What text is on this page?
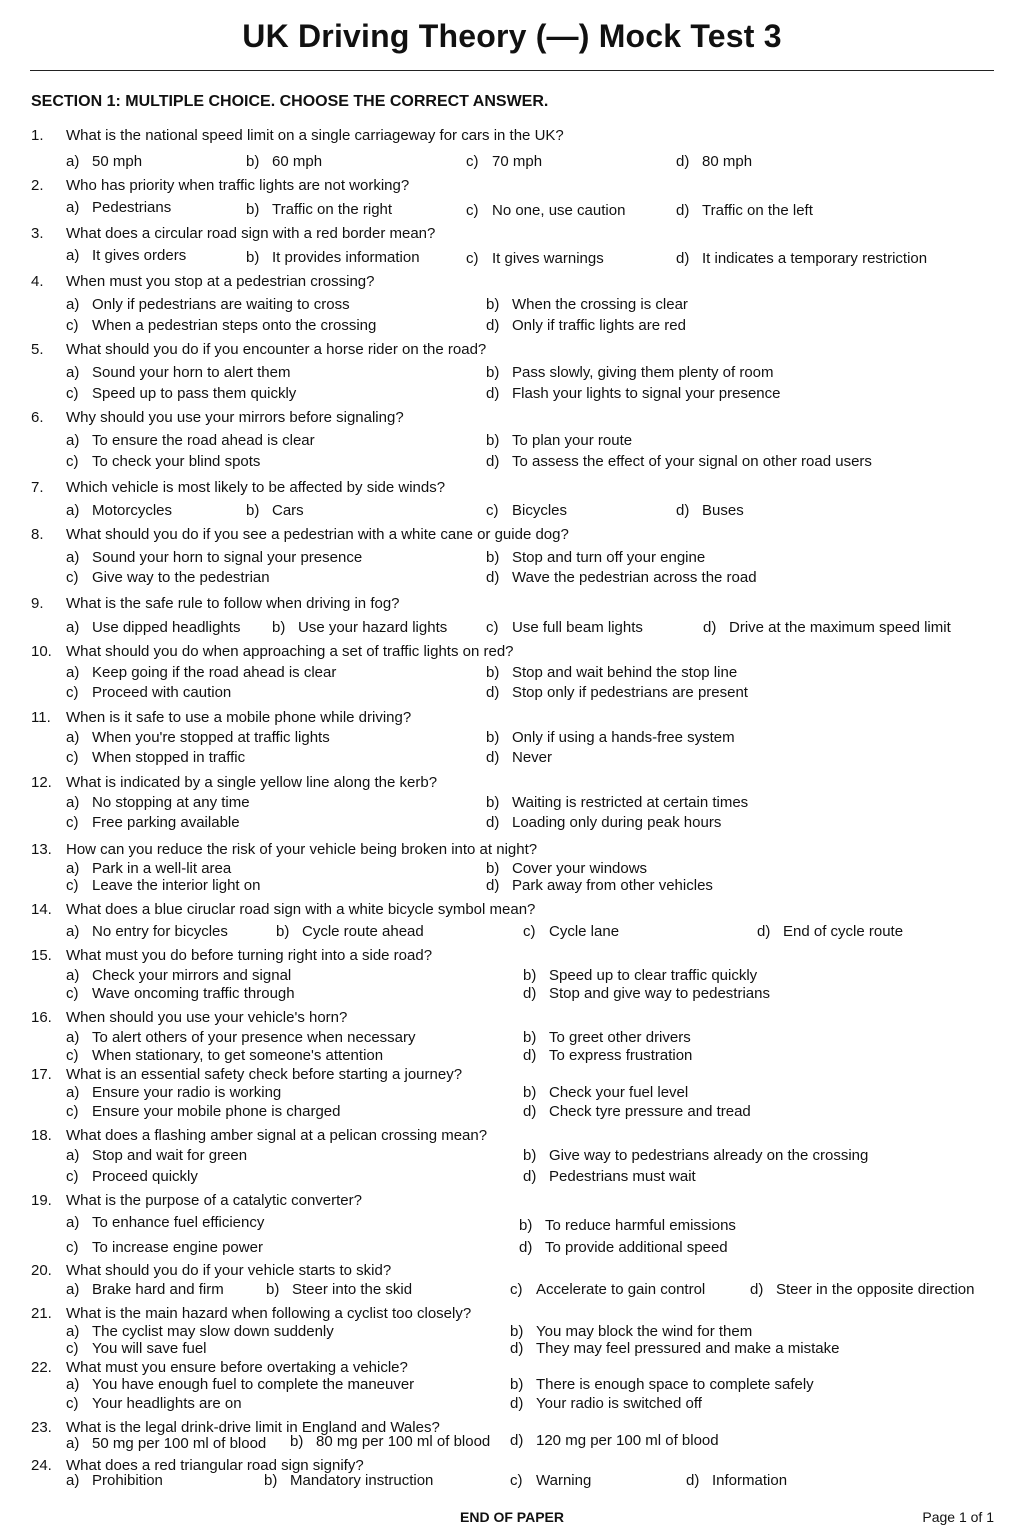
UK Driving Theory (—) Mock Test 3
SECTION 1: MULTIPLE CHOICE. CHOOSE THE CORRECT ANSWER.
1. What is the national speed limit on a single carriageway for cars in the UK?
a) 50 mph	b) 60 mph	c) 70 mph	d) 80 mph
2. Who has priority when traffic lights are not working?
a) Pedestrians	b) Traffic on the right	c) No one, use caution	d) Traffic on the left
3. What does a circular road sign with a red border mean?
a) It gives orders	b) It provides information	c) It gives warnings	d) It indicates a temporary restriction
4. When must you stop at a pedestrian crossing?
a) Only if pedestrians are waiting to cross	b) When the crossing is clear
c) When a pedestrian steps onto the crossing	d) Only if traffic lights are red
5. What should you do if you encounter a horse rider on the road?
a) Sound your horn to alert them	b) Pass slowly, giving them plenty of room
c) Speed up to pass them quickly	d) Flash your lights to signal your presence
6. Why should you use your mirrors before signaling?
a) To ensure the road ahead is clear	b) To plan your route
c) To check your blind spots	d) To assess the effect of your signal on other road users
7. Which vehicle is most likely to be affected by side winds?
a) Motorcycles	b) Cars	c) Bicycles	d) Buses
8. What should you do if you see a pedestrian with a white cane or guide dog?
a) Sound your horn to signal your presence	b) Stop and turn off your engine
c) Give way to the pedestrian	d) Wave the pedestrian across the road
9. What is the safe rule to follow when driving in fog?
a) Use dipped headlights b) Use your hazard lights	c) Use full beam lights	d) Drive at the maximum speed limit
10. What should you do when approaching a set of traffic lights on red?
a) Keep going if the road ahead is clear	b) Stop and wait behind the stop line
c) Proceed with caution	d) Stop only if pedestrians are present
11. When is it safe to use a mobile phone while driving?
a) When you're stopped at traffic lights	b) Only if using a hands-free system
c) When stopped in traffic	d) Never
12. What is indicated by a single yellow line along the kerb?
a) No stopping at any time	b) Waiting is restricted at certain times
c) Free parking available	d) Loading only during peak hours
13. How can you reduce the risk of your vehicle being broken into at night?
a) Park in a well-lit area	b) Cover your windows
c) Leave the interior light on	d) Park away from other vehicles
14. What does a blue ciruclar road sign with a white bicycle symbol mean?
a) No entry for bicycles	b) Cycle route ahead	c) Cycle lane	d) End of cycle route
15. What must you do before turning right into a side road?
a) Check your mirrors and signal	b) Speed up to clear traffic quickly
c) Wave oncoming traffic through	d) Stop and give way to pedestrians
16. When should you use your vehicle's horn?
a) To alert others of your presence when necessary	b) To greet other drivers
c) When stationary, to get someone's attention	d) To express frustration
17. What is an essential safety check before starting a journey?
a) Ensure your radio is working	b) Check your fuel level
c) Ensure your mobile phone is charged	d) Check tyre pressure and tread
18. What does a flashing amber signal at a pelican crossing mean?
a) Stop and wait for green	b) Give way to pedestrians already on the crossing
c) Proceed quickly	d) Pedestrians must wait
19. What is the purpose of a catalytic converter?
a) To enhance fuel efficiency	b) To reduce harmful emissions
c) To increase engine power	d) To provide additional speed
20. What should you do if your vehicle starts to skid?
a) Brake hard and firm	b) Steer into the skid	c) Accelerate to gain control	d) Steer in the opposite direction
21. What is the main hazard when following a cyclist too closely?
a) The cyclist may slow down suddenly	b) You may block the wind for them
c) You will save fuel	d) They may feel pressured and make a mistake
22. What must you ensure before overtaking a vehicle?
a) You have enough fuel to complete the maneuver	b) There is enough space to complete safely
c) Your headlights are on	d) Your radio is switched off
23. What is the legal drink-drive limit in England and Wales?
a) 50 mg per 100 ml of blood b) 80 mg per 100 ml of blood d) 120 mg per 100 ml of blood
24. What does a red triangular road sign signify?
a) Prohibition	b) Mandatory instruction	c) Warning	d) Information
END OF PAPER	Page 1 of 1
